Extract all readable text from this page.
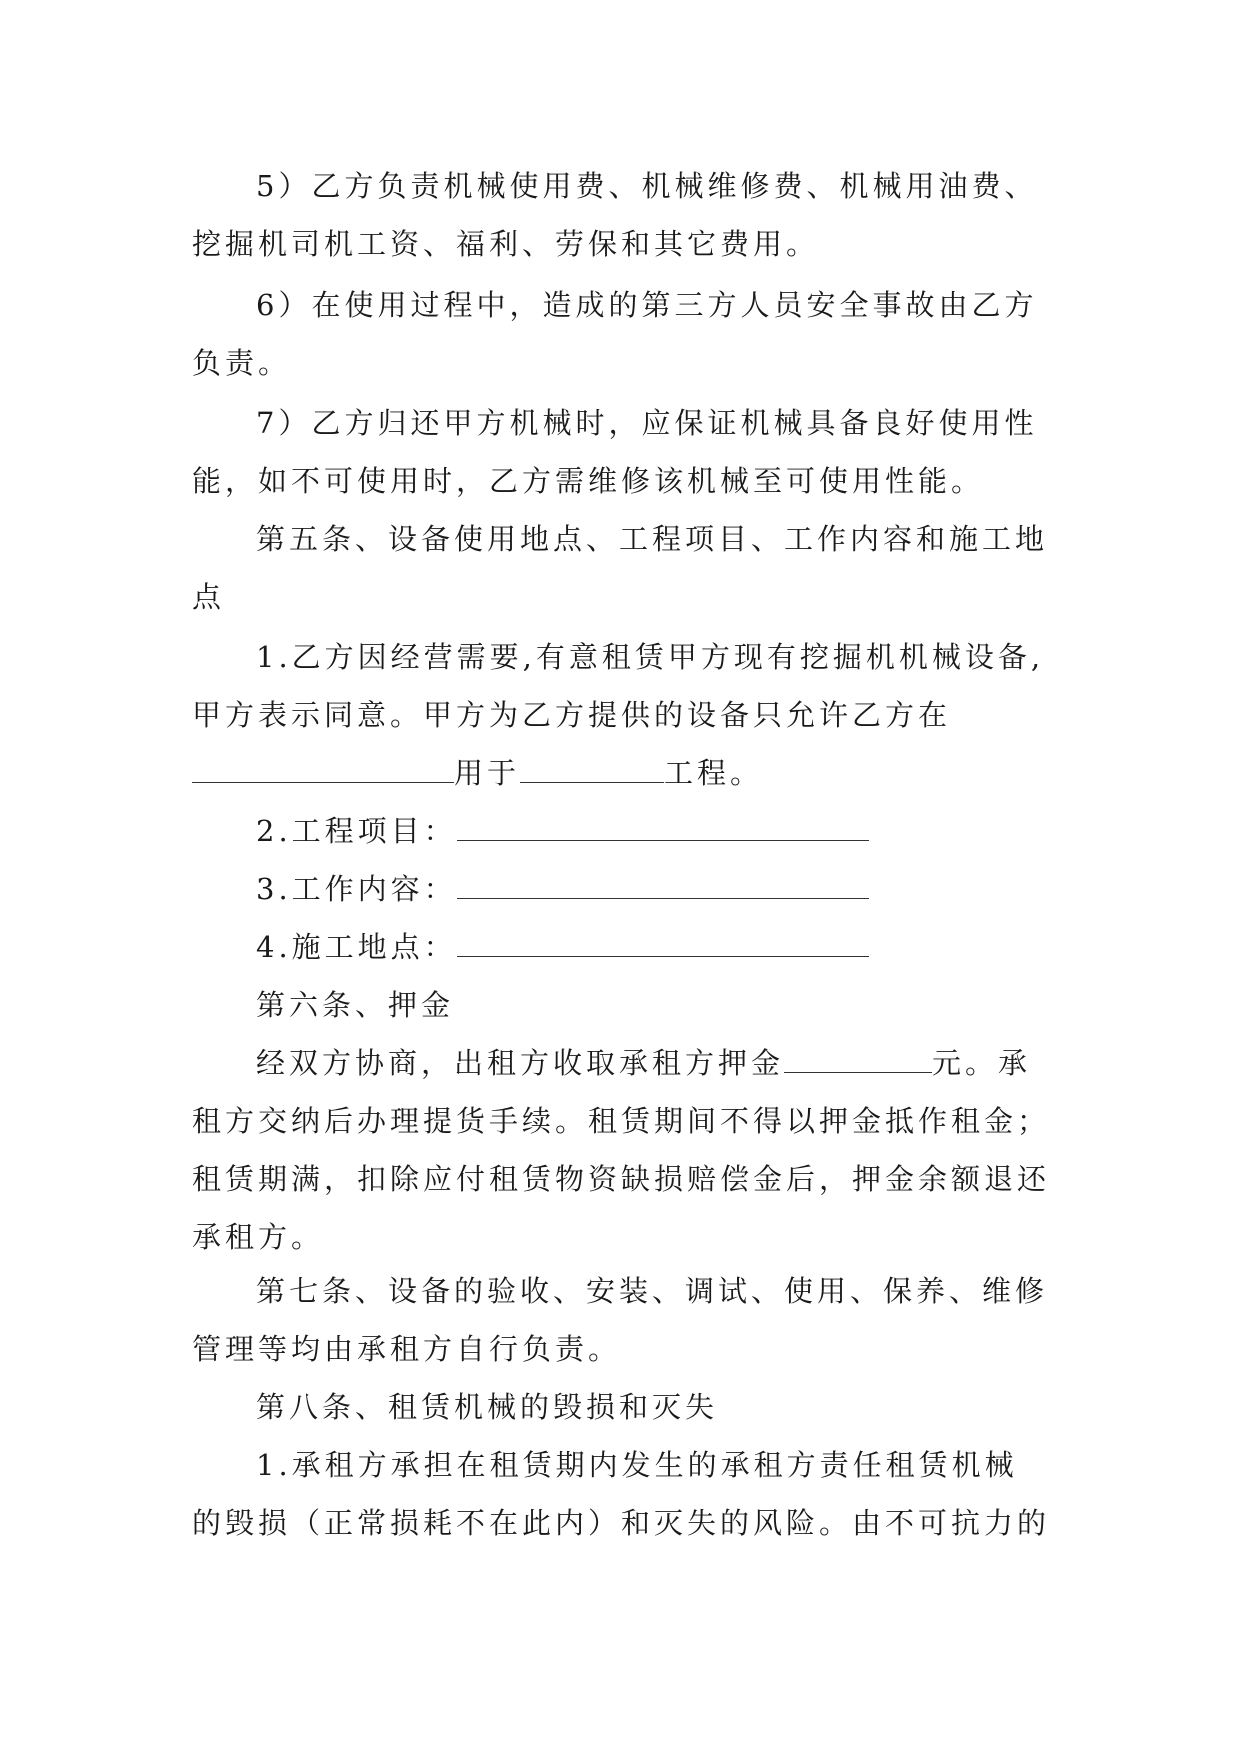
5）乙方负责机械使用费、机械维修费、机械用油费、
挖掘机司机工资、福利、劳保和其它费用。

6）在使用过程中，造成的第三方人员安全事故由乙方
负责。

7）乙方归还甲方机械时，应保证机械具备良好使用性
能，如不可使用时，乙方需维修该机械至可使用性能。

第五条、设备使用地点、工程项目、工作内容和施工地
点

1.乙方因经营需要,有意租赁甲方现有挖掘机机械设备,
甲方表示同意。甲方为乙方提供的设备只允许乙方在
用于	工程。

2.工程项目：

3.工作内容：

4.施工地点：

第六条、押金

经双方协商，出租方收取承租方押金	元。承
租方交纳后办理提货手续。租赁期间不得以押金抵作租金；
租赁期满，扣除应付租赁物资缺损赔偿金后，押金余额退还
承租方。

第七条、设备的验收、安装、调试、使用、保养、维修
管理等均由承租方自行负责。

第八条、租赁机械的毁损和灭失

1.承租方承担在租赁期内发生的承租方责任租赁机械
的毁损（正常损耗不在此内）和灭失的风险。由不可抗力的
